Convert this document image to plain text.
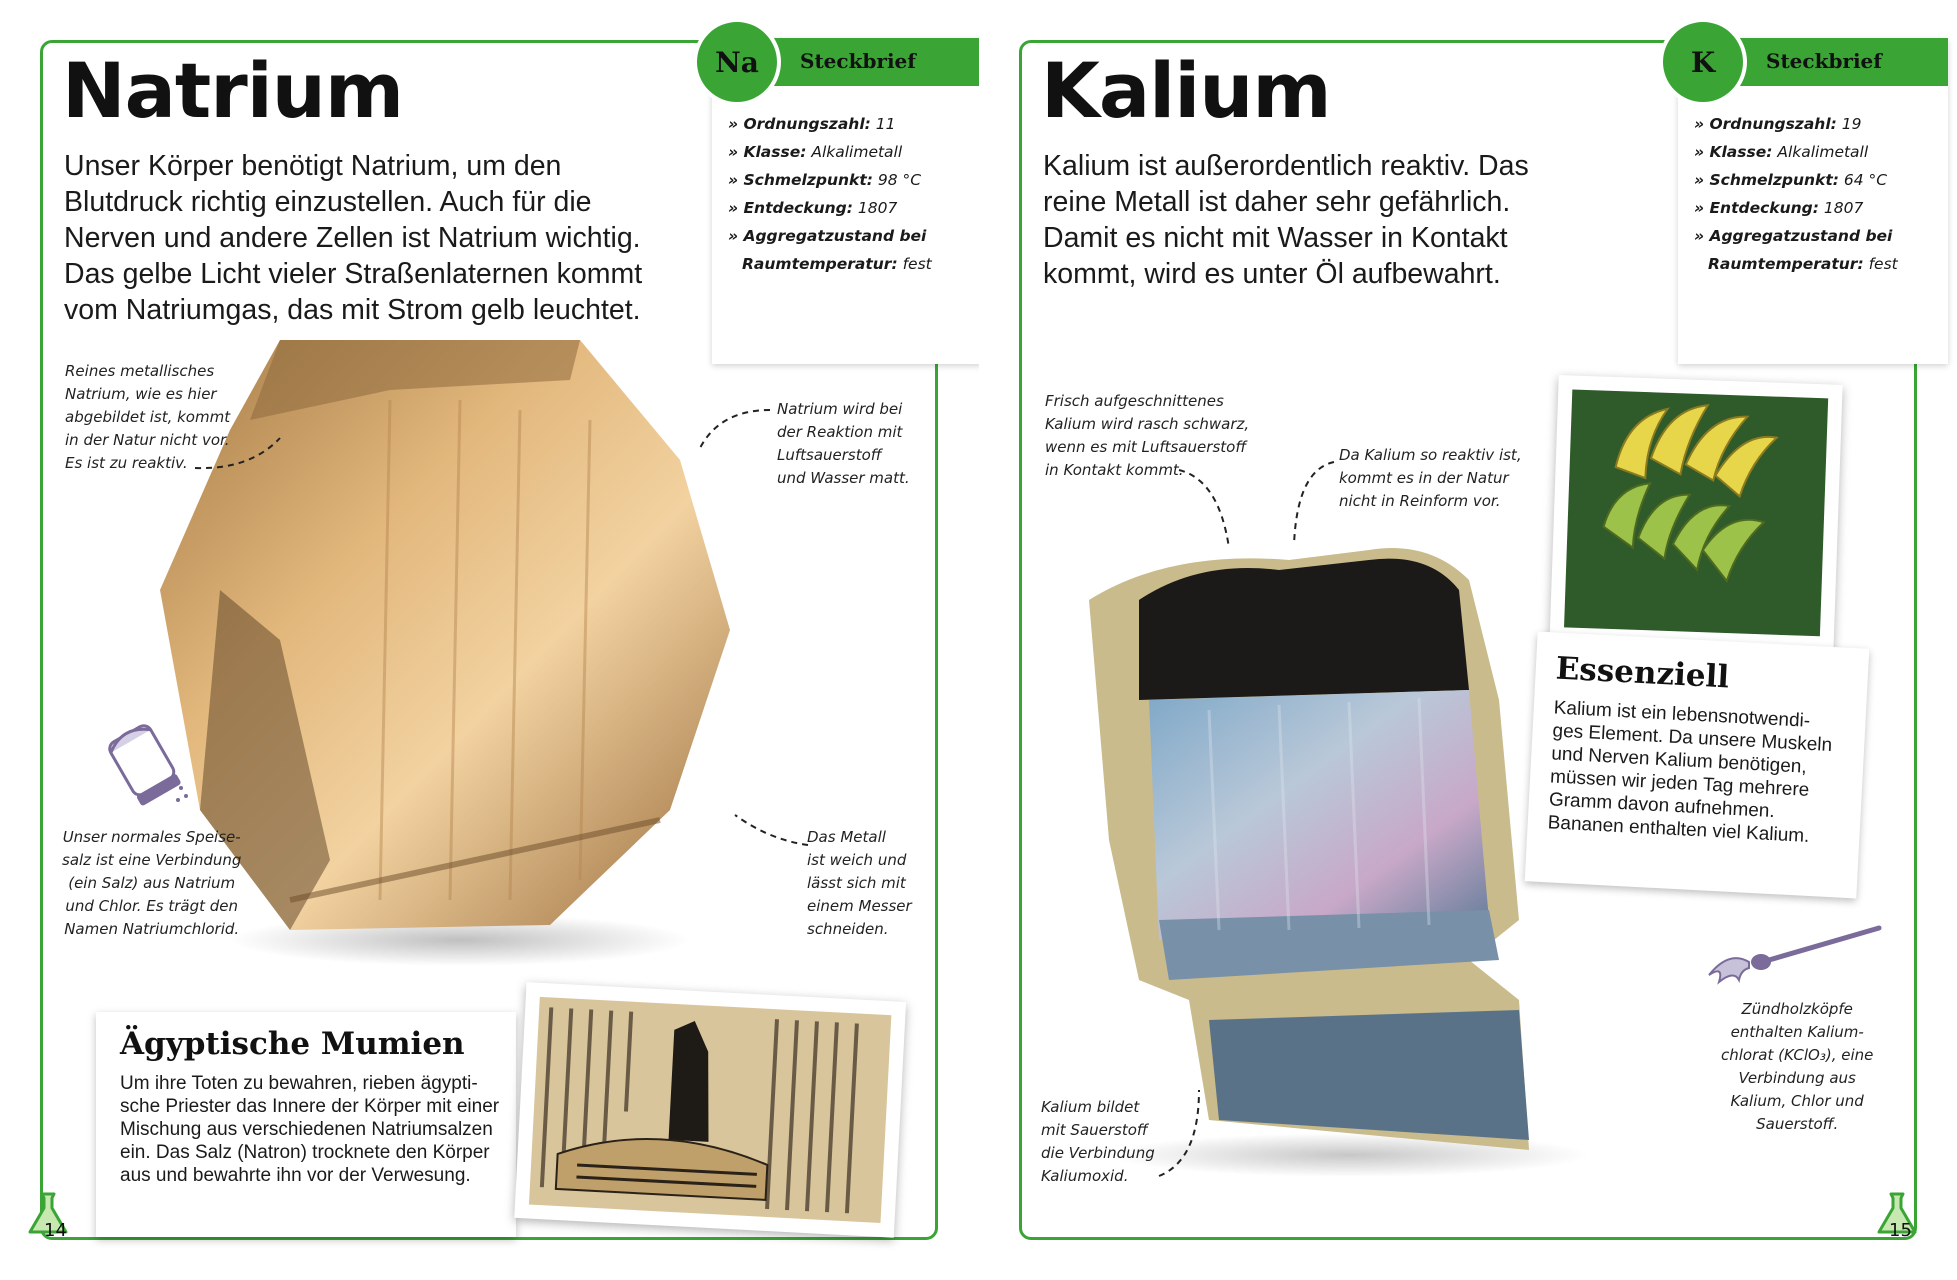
Natrium
Unser Körper benötigt Natrium, um den
Blutdruck richtig einzustellen. Auch für die
Nerven und andere Zellen ist Natrium wichtig.
Das gelbe Licht vieler Straßenlaternen kommt
vom Natriumgas, das mit Strom gelb leuchtet.
Steckbrief
» Ordnungszahl: 11
» Klasse: Alkalimetall
» Schmelzpunkt: 98 °C
» Entdeckung: 1807
» Aggregatzustand bei
Raumtemperatur: fest
Na
Reines metallisches
Natrium, wie es hier
abgebildet ist, kommt
in der Natur nicht vor.
Es ist zu reaktiv.
Natrium wird bei
der Reaktion mit
Luftsauerstoff
und Wasser matt.
Unser normales Speise-
salz ist eine Verbindung
(ein Salz) aus Natrium
und Chlor. Es trägt den
Namen Natriumchlorid.
Das Metall
ist weich und
lässt sich mit
einem Messer
schneiden.
Ägyptische Mumien
Um ihre Toten zu bewahren, rieben ägypti-
sche Priester das Innere der Körper mit einer
Mischung aus verschiedenen Natriumsalzen
ein. Das Salz (Natron) trocknete den Körper
aus und bewahrte ihn vor der Verwesung.
14
Kalium
Kalium ist außerordentlich reaktiv. Das
reine Metall ist daher sehr gefährlich.
Damit es nicht mit Wasser in Kontakt
kommt, wird es unter Öl aufbewahrt.
Steckbrief
» Ordnungszahl: 19
» Klasse: Alkalimetall
» Schmelzpunkt: 64 °C
» Entdeckung: 1807
» Aggregatzustand bei
Raumtemperatur: fest
K
Essenziell
Kalium ist ein lebensnotwendi-
ges Element. Da unsere Muskeln
und Nerven Kalium benötigen,
müssen wir jeden Tag mehrere
Gramm davon aufnehmen.
Bananen enthalten viel Kalium.
Frisch aufgeschnittenes
Kalium wird rasch schwarz,
wenn es mit Luftsauerstoff
in Kontakt kommt.
Da Kalium so reaktiv ist,
kommt es in der Natur
nicht in Reinform vor.
Kalium bildet
mit Sauerstoff
die Verbindung
Kaliumoxid.
Zündholzköpfe
enthalten Kalium-
chlorat (KClO₃), eine
Verbindung aus
Kalium, Chlor und
Sauerstoff.
15
